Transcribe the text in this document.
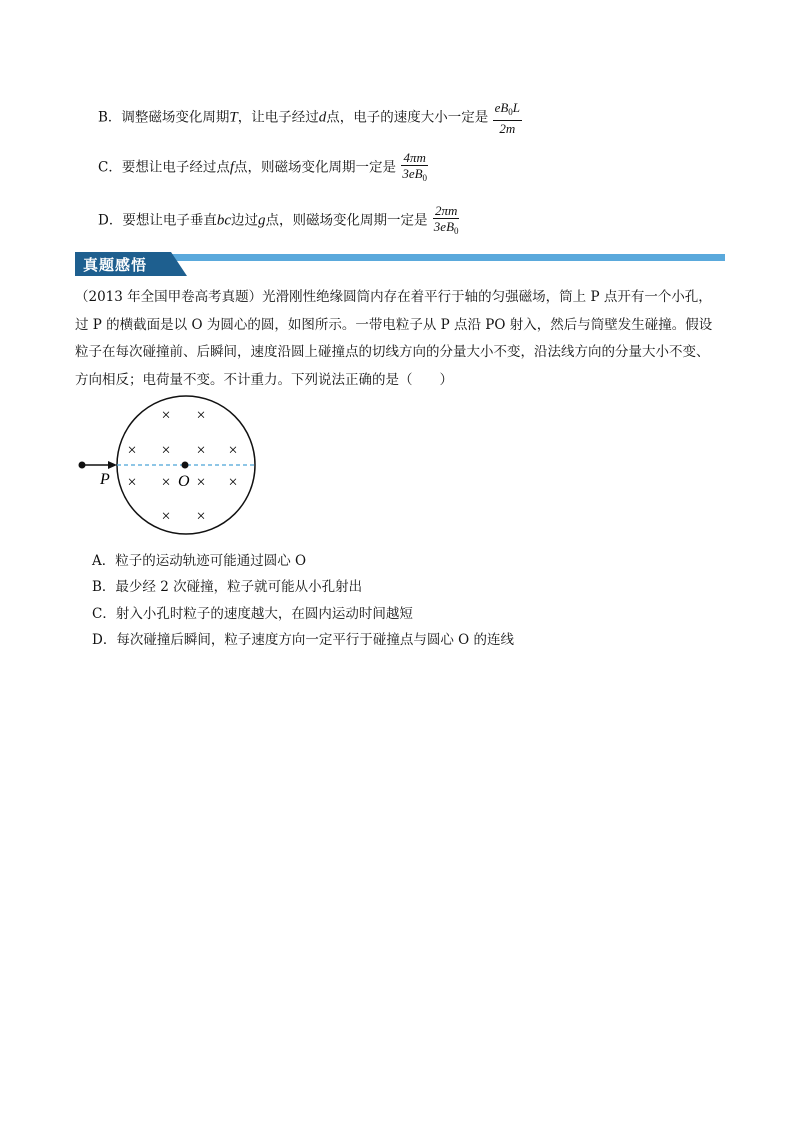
B．调整磁场变化周期T，让电子经过d点，电子的速度大小一定是 $\frac{eB_0L}{2m}$
C．要想让电子经过点f点，则磁场变化周期一定是 $\frac{4\pi m}{3eB_0}$
D．要想让电子垂直bc边过g点，则磁场变化周期一定是 $\frac{2\pi m}{3eB_0}$
真题感悟
（2013 年全国甲卷高考真题）光滑刚性绝缘圆筒内存在着平行于轴的匀强磁场，筒上 P 点开有一个小孔，
过 P 的横截面是以 O 为圆心的圆，如图所示。一带电粒子从 P 点沿 PO 射入，然后与筒壁发生碰撞。假设
粒子在每次碰撞前、后瞬间，速度沿圆上碰撞点的切线方向的分量大小不变，沿法线方向的分量大小不变、
方向相反；电荷量不变。不计重力。下列说法正确的是（　　）
P	O
× ×
× × × ×
× × × ×
× ×
A．粒子的运动轨迹可能通过圆心 O
B．最少经 2 次碰撞，粒子就可能从小孔射出
C．射入小孔时粒子的速度越大，在圆内运动时间越短
D．每次碰撞后瞬间，粒子速度方向一定平行于碰撞点与圆心 O 的连线
